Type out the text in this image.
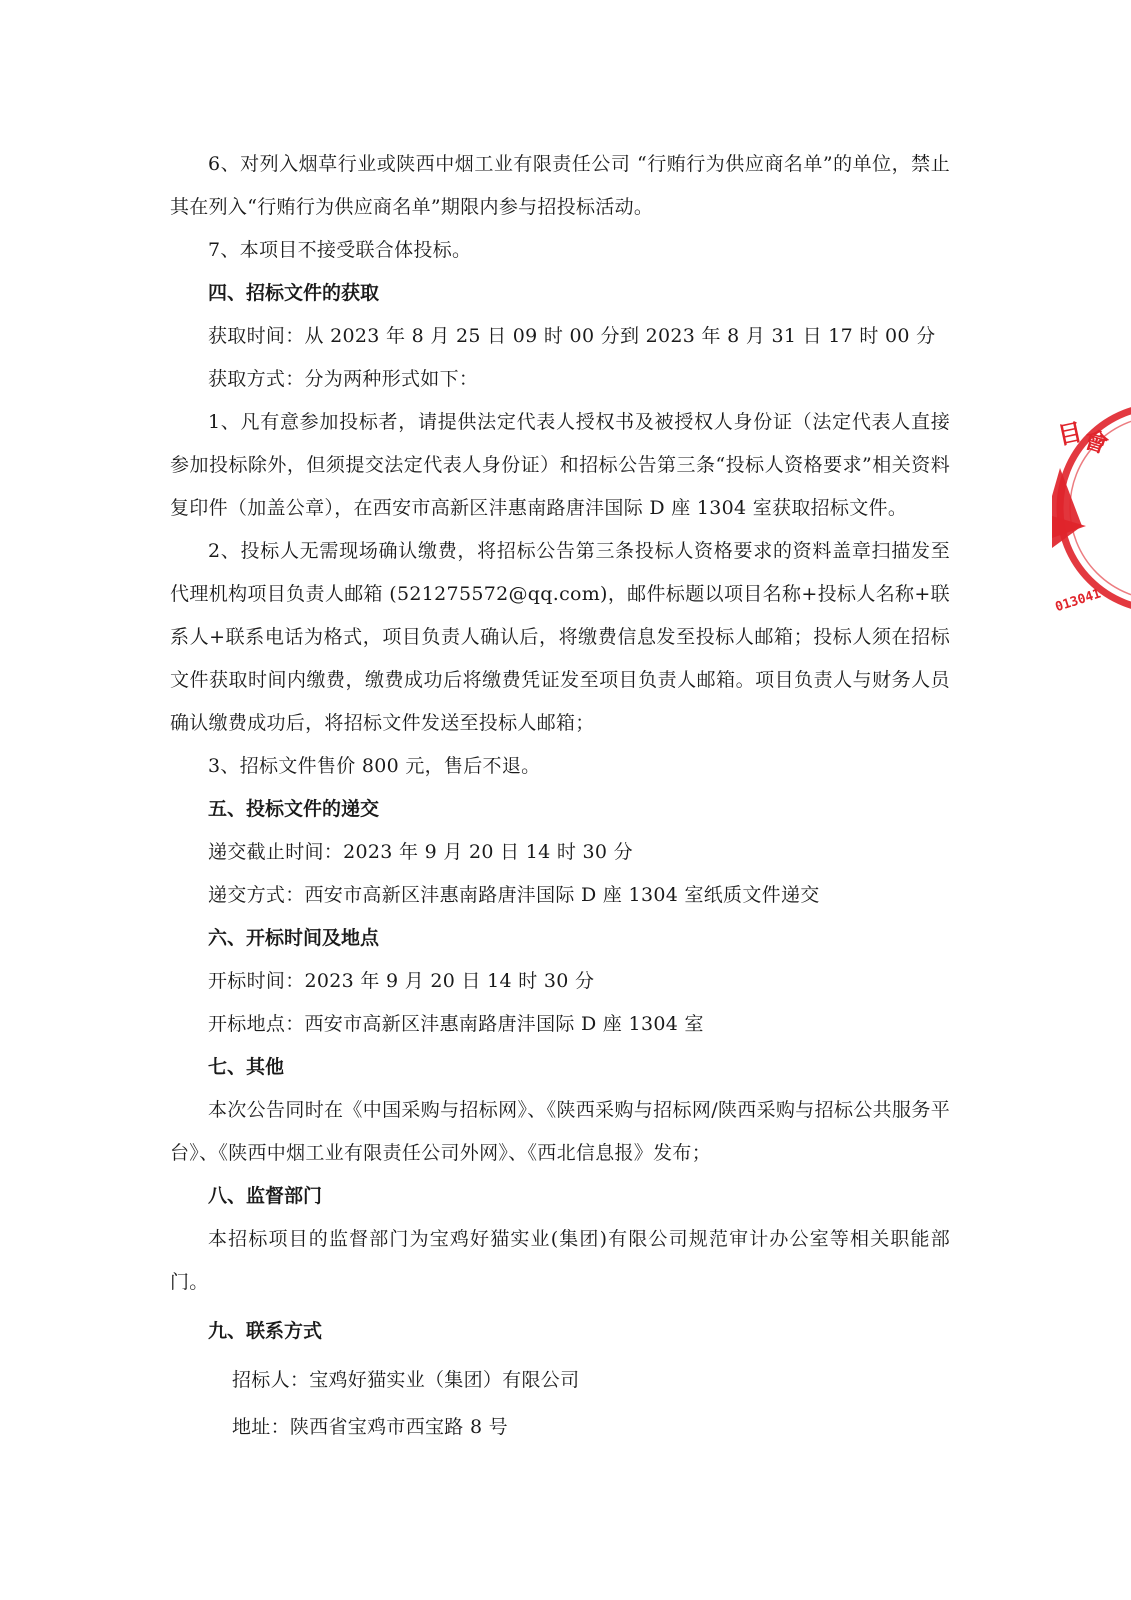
6、对列入烟草行业或陕西中烟工业有限责任公司 “行贿行为供应商名单”的单位，禁止其在列入“行贿行为供应商名单”期限内参与招投标活动。

7、本项目不接受联合体投标。

四、招标文件的获取

获取时间：从 2023 年 8 月 25 日 09 时 00 分到 2023 年 8 月 31 日 17 时 00 分

获取方式：分为两种形式如下：

1、凡有意参加投标者，请提供法定代表人授权书及被授权人身份证（法定代表人直接参加投标除外，但须提交法定代表人身份证）和招标公告第三条“投标人资格要求”相关资料复印件（加盖公章），在西安市高新区沣惠南路唐沣国际 D 座 1304 室获取招标文件。

2、投标人无需现场确认缴费，将招标公告第三条投标人资格要求的资料盖章扫描发至代理机构项目负责人邮箱 (521275572@qq.com)，邮件标题以项目名称+投标人名称+联系人+联系电话为格式，项目负责人确认后，将缴费信息发至投标人邮箱；投标人须在招标文件获取时间内缴费，缴费成功后将缴费凭证发至项目负责人邮箱。项目负责人与财务人员确认缴费成功后，将招标文件发送至投标人邮箱；

3、招标文件售价 800 元，售后不退。

五、投标文件的递交

递交截止时间：2023 年 9 月 20 日 14 时 30 分

递交方式：西安市高新区沣惠南路唐沣国际 D 座 1304 室纸质文件递交

六、开标时间及地点

开标时间：2023 年 9 月 20 日 14 时 30 分

开标地点：西安市高新区沣惠南路唐沣国际 D 座 1304 室

七、其他

本次公告同时在《中国采购与招标网》、《陕西采购与招标网/陕西采购与招标公共服务平台》、《陕西中烟工业有限责任公司外网》、《西北信息报》发布；

八、监督部门

本招标项目的监督部门为宝鸡好猫实业(集团)有限公司规范审计办公室等相关职能部门。

九、联系方式

招标人：宝鸡好猫实业（集团）有限公司

地址：陕西省宝鸡市西宝路 8 号

目
會
013041
